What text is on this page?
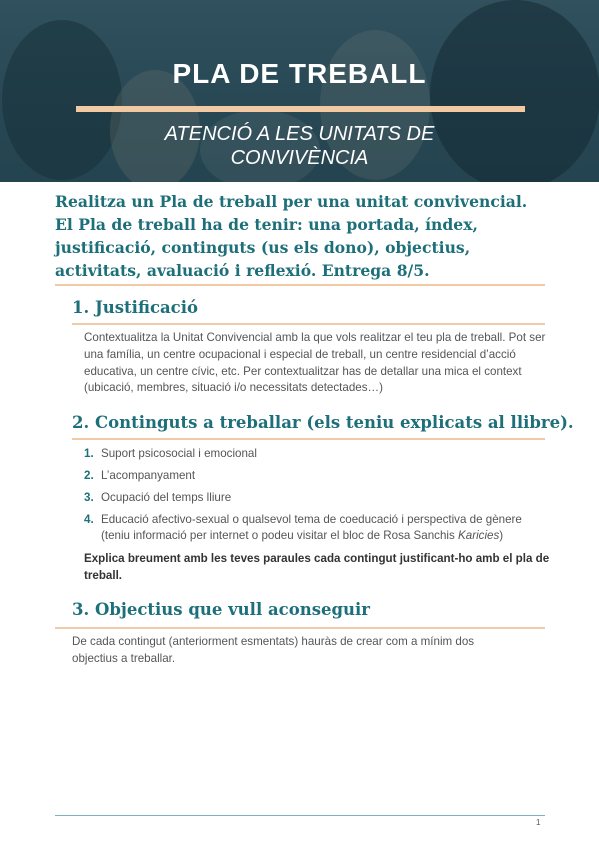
PLA DE TREBALL

ATENCIÓ A LES UNITATS DE
CONVIVÈNCIA

Realitza un Pla de treball per una unitat convivencial. El Pla de treball ha de tenir: una portada, índex, justificació, continguts (us els dono), objectius, activitats, avaluació i reflexió. Entrega 8/5.

1. Justificació

Contextualitza la Unitat Convivencial amb la que vols realitzar el teu pla de treball. Pot ser una família, un centre ocupacional i especial de treball, un centre residencial d’acció educativa, un centre cívic, etc. Per contextualitzar has de detallar una mica el context (ubicació, membres, situació i/o necessitats detectades…)

2. Continguts a treballar (els teniu explicats al llibre).
1. Suport psicosocial i emocional
2. L’acompanyament
3. Ocupació del temps lliure
4. Educació afectivo-sexual o qualsevol tema de coeducació i perspectiva de gènere (teniu informació per internet o podeu visitar el bloc de Rosa Sanchis Karicies)

Explica breument amb les teves paraules cada contingut justificant-ho amb el pla de treball.

3. Objectius que vull aconseguir

De cada contingut (anteriorment esmentats) hauràs de crear com a mínim dos objectius a treballar.

1
